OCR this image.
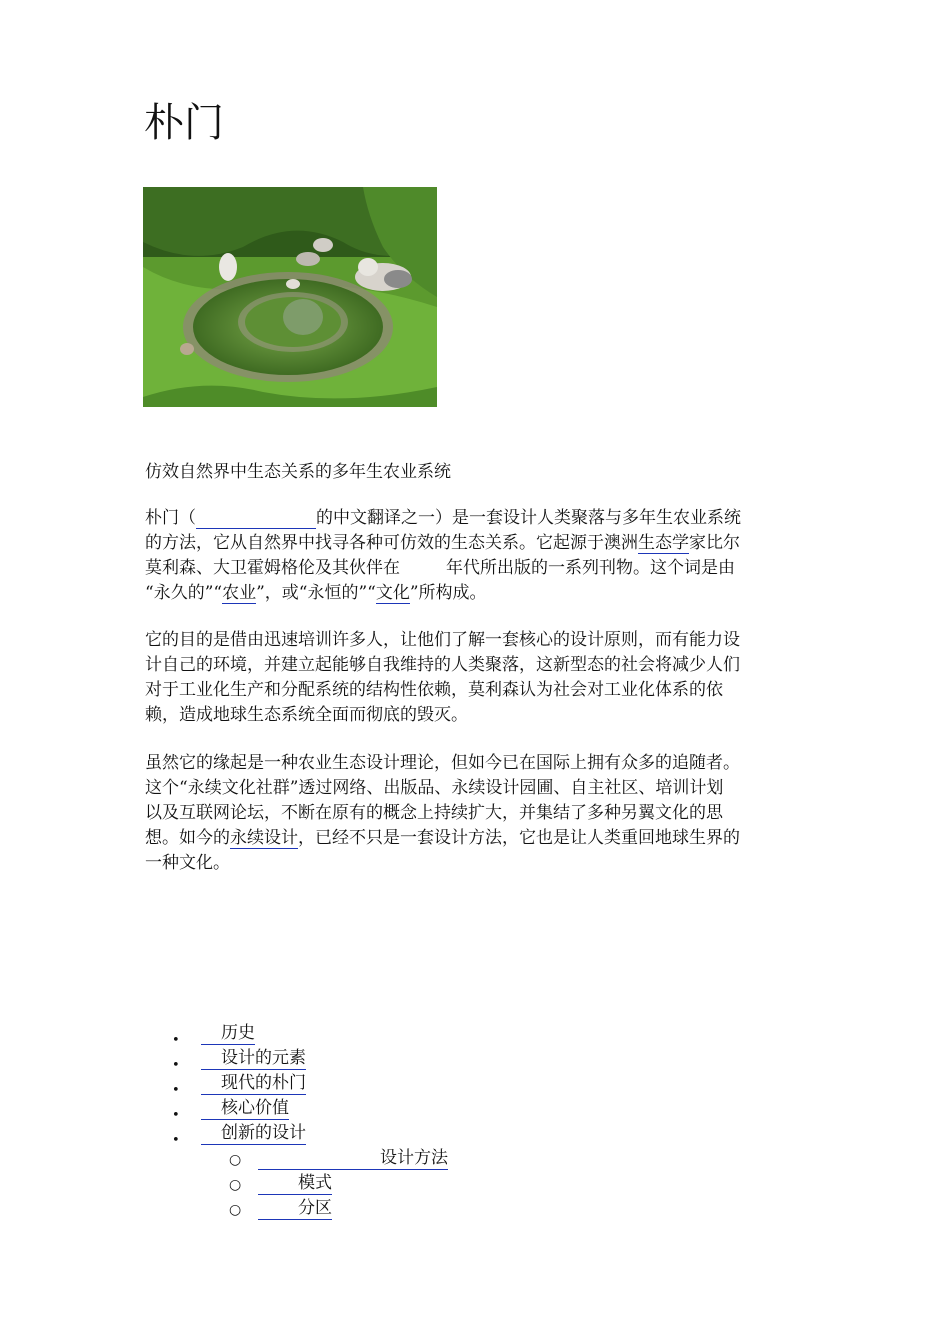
朴门
仿效自然界中生态关系的多年生农业系统

朴门（	的中文翻译之一）是一套设计人类聚落与多年生农业系统
的方法，它从自然界中找寻各种可仿效的生态关系。它起源于澳洲生态学家比尔
莫利森、大卫霍姆格伦及其伙伴在	年代所出版的一系列刊物。这个词是由
“永久的”“农业”，或“永恒的”“文化”所构成。

它的目的是借由迅速培训许多人，让他们了解一套核心的设计原则，而有能力设
计自己的环境，并建立起能够自我维持的人类聚落，这新型态的社会将减少人们
对于工业化生产和分配系统的结构性依赖，莫利森认为社会对工业化体系的依
赖，造成地球生态系统全面而彻底的毁灭。

虽然它的缘起是一种农业生态设计理论，但如今已在国际上拥有众多的追随者。
这个“永续文化社群”透过网络、出版品、永续设计园圃、自主社区、培训计划
以及互联网论坛，不断在原有的概念上持续扩大，并集结了多种另翼文化的思
想。如今的永续设计，已经不只是一套设计方法，它也是让人类重回地球生界的
一种文化。

•	历史
•	设计的元素
•	现代的朴门
•	核心价值
•	创新的设计
○	设计方法
○	模式
○	分区
